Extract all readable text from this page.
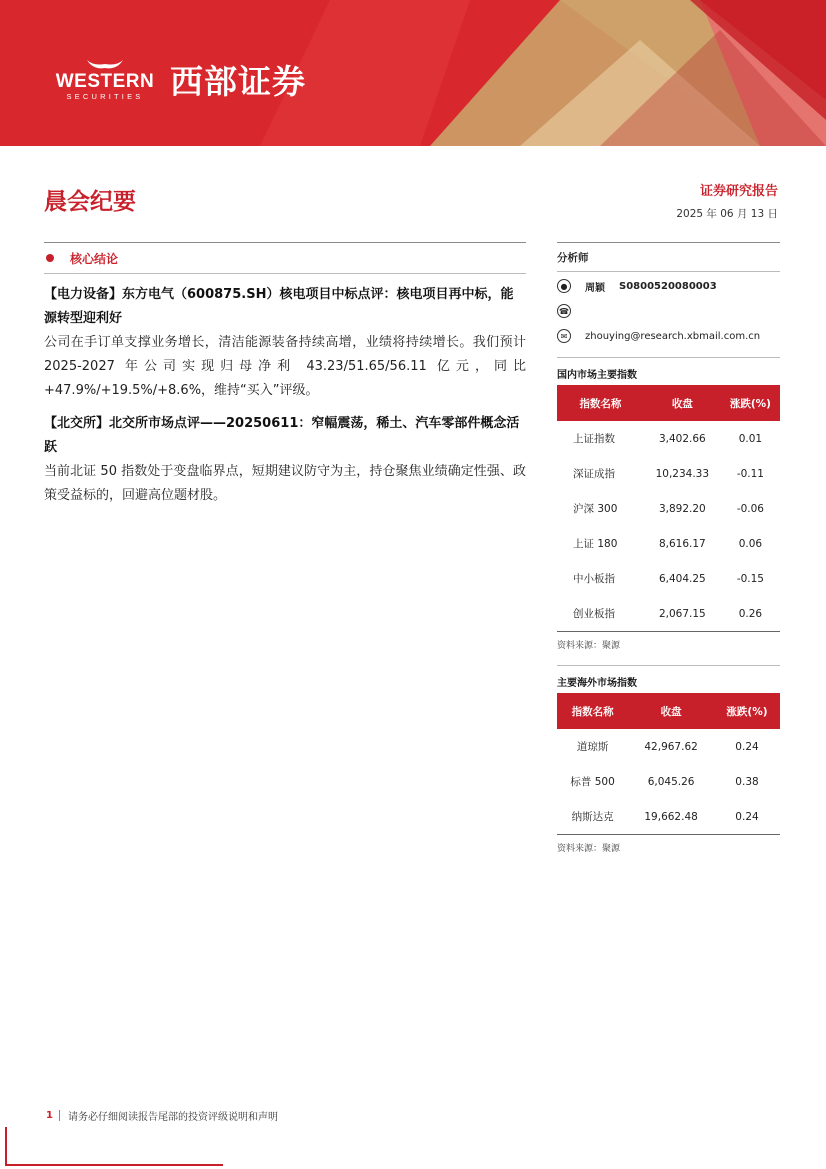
WESTERN
SECURITIES 西部证券
晨会纪要	证券研究报告
2025 年 06 月 13 日
核心结论
【电力设备】东方电气（600875.SH）核电项目中标点评：核电项目再中标，能源转型迎利好
公司在手订单支撑业务增长，清洁能源装备持续高增，业绩将持续增长。我们预计 2025-2027 年公司实现归母净利 43.23/51.65/56.11 亿元，同比+47.9%/+19.5%/+8.6%，维持“买入”评级。
【北交所】北交所市场点评——20250611：窄幅震荡，稀土、汽车零部件概念活跃
当前北证 50 指数处于变盘临界点，短期建议防守为主，持仓聚焦业绩确定性强、政策受益标的，回避高位题材股。
分析师
●	周颖 S0800520080003
☎
✉	zhouying@research.xbmail.com.cn
国内市场主要指数
指数名称	收盘	涨跌(%)
上证指数	3,402.66	0.01
深证成指	10,234.33	-0.11
沪深 300	3,892.20	-0.06
上证 180	8,616.17	0.06
中小板指	6,404.25	-0.15
创业板指	2,067.15	0.26
资料来源：聚源
主要海外市场指数
指数名称	收盘	涨跌(%)
道琼斯	42,967.62	0.24
标普 500	6,045.26	0.38
纳斯达克	19,662.48	0.24
资料来源：聚源
1 请务必仔细阅读报告尾部的投资评级说明和声明
